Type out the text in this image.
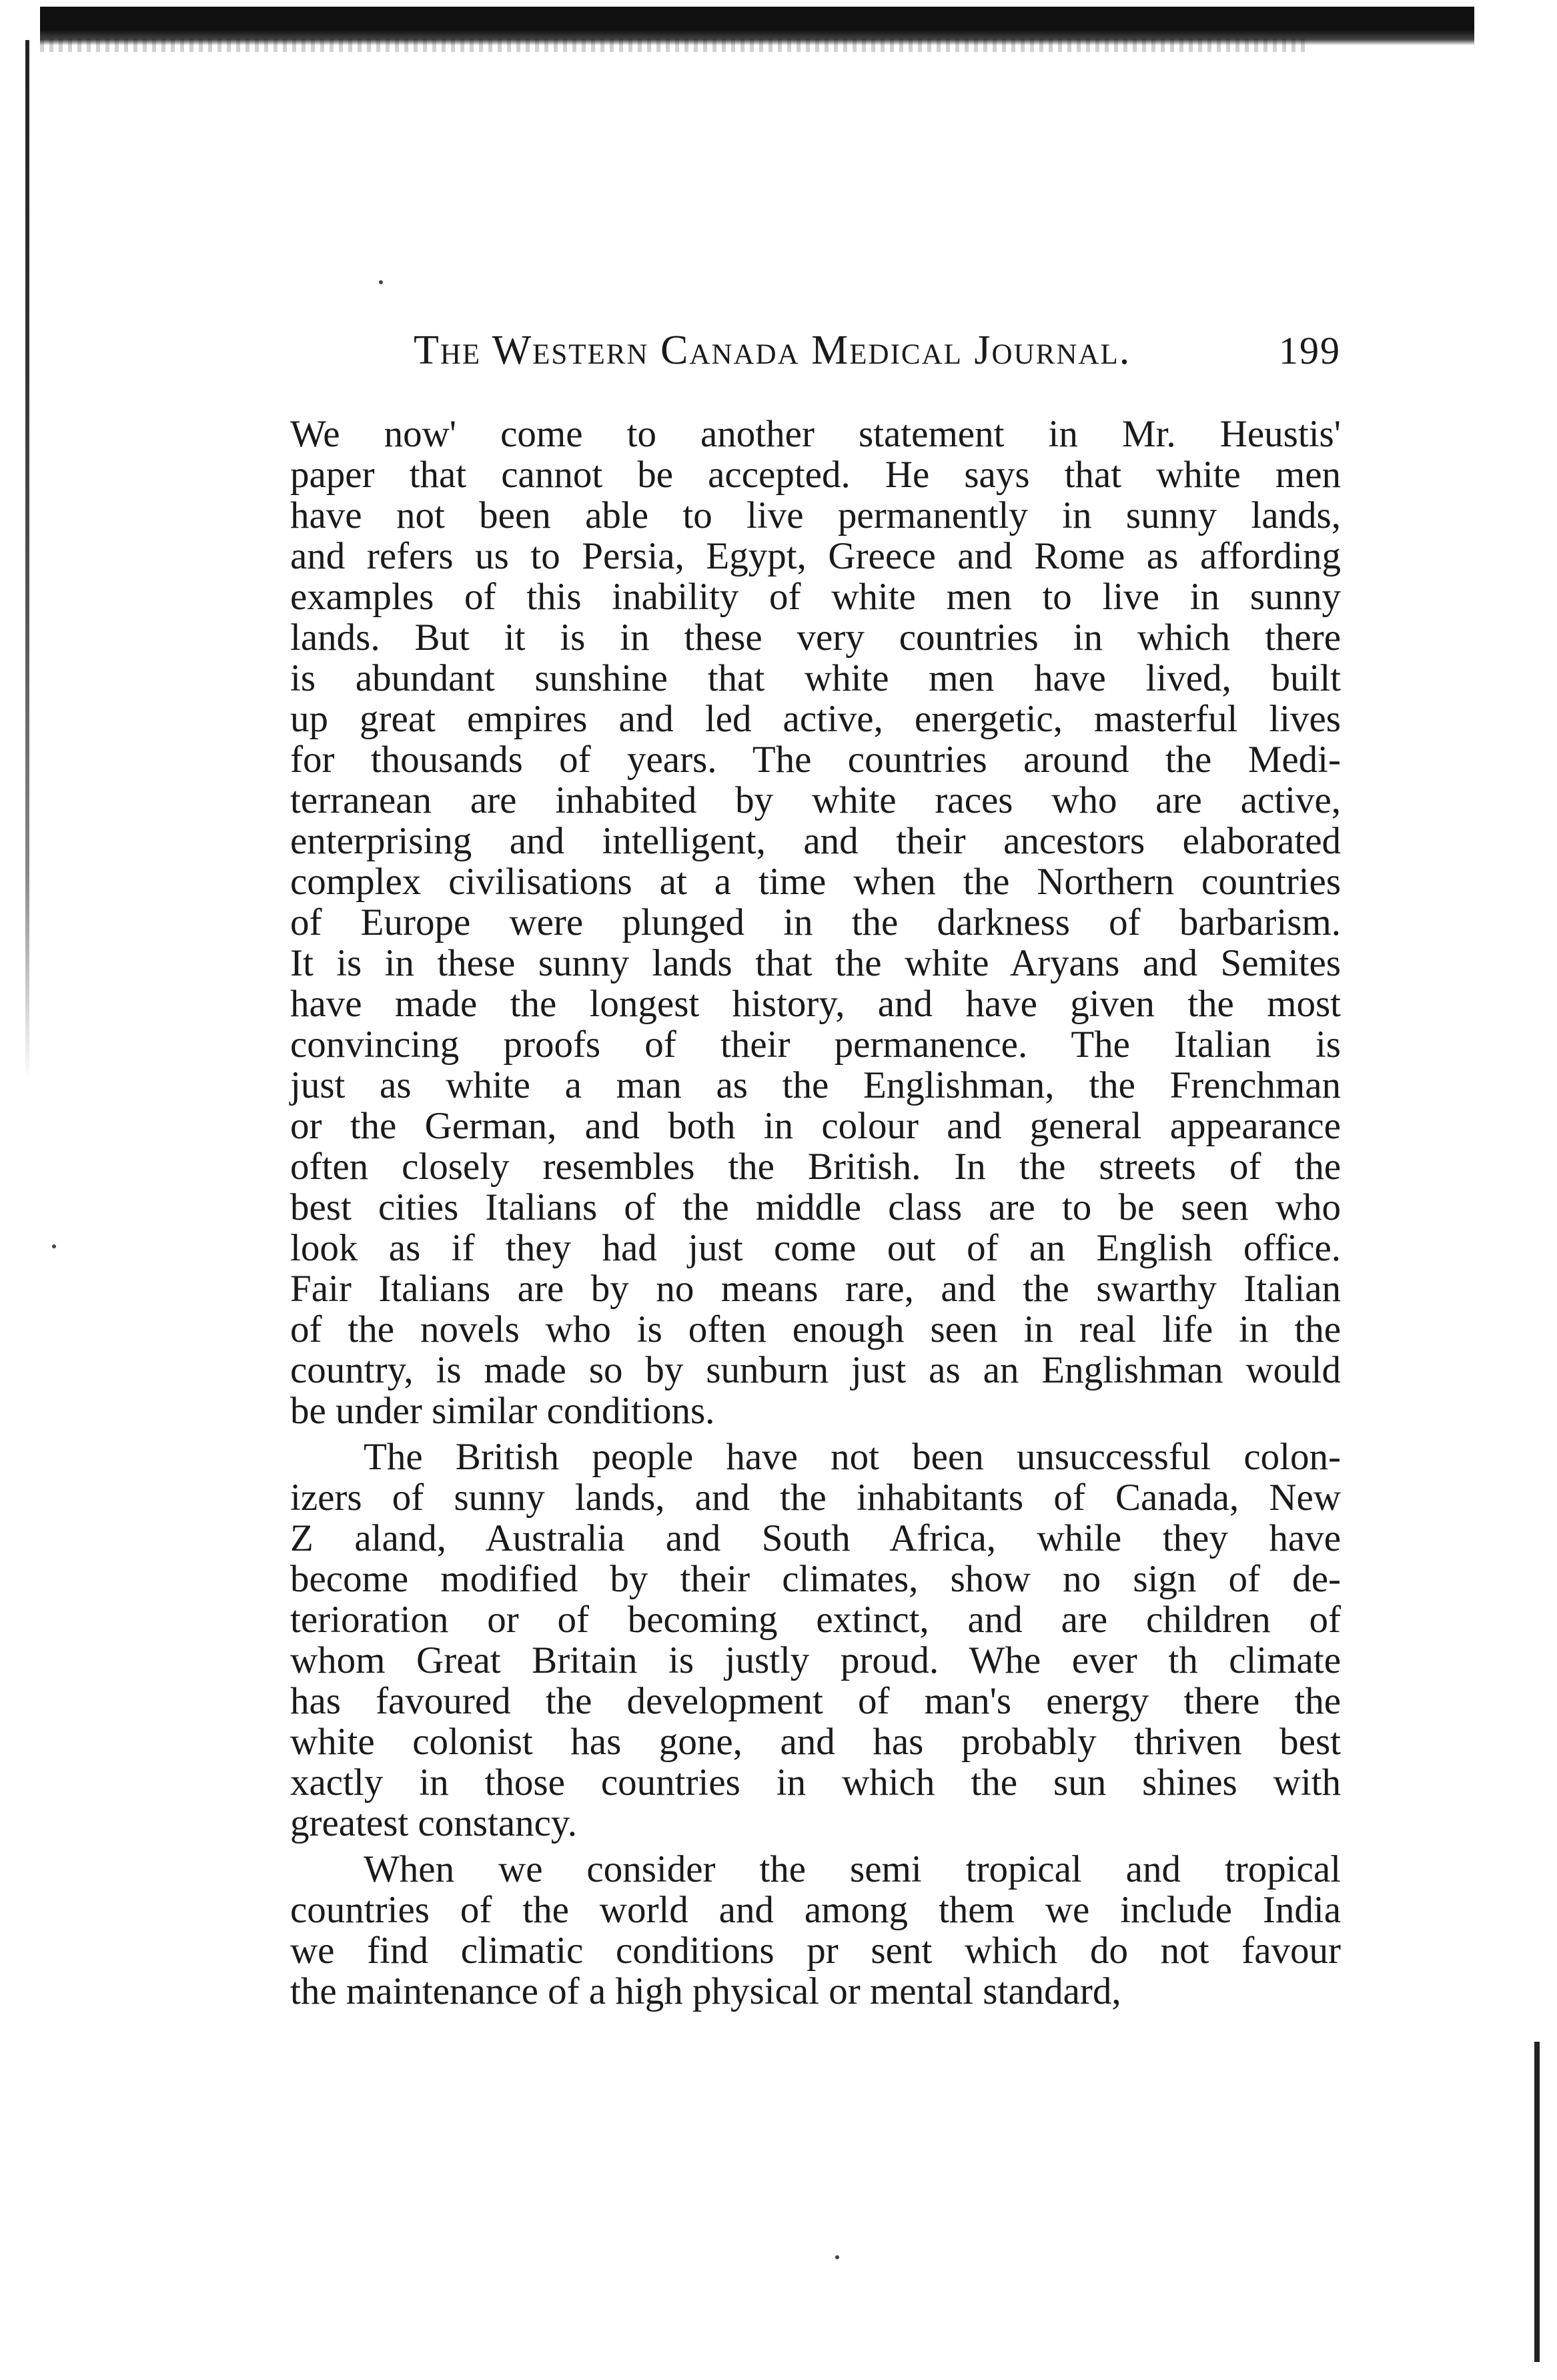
The Western Canada Medical Journal.	199
We now' come to another statement in Mr. Heustis'
paper that cannot be accepted. He says that white men
have not been able to live permanently in sunny lands,
and refers us to Persia, Egypt, Greece and Rome as affording
examples of this inability of white men to live in sunny
lands. But it is in these very countries in which there
is abundant sunshine that white men have lived, built
up great empires and led active, energetic, masterful lives
for thousands of years. The countries around the Medi-
terranean are inhabited by white races who are active,
enterprising and intelligent, and their ancestors elaborated
complex civilisations at a time when the Northern countries
of Europe were plunged in the darkness of barbarism.
It is in these sunny lands that the white Aryans and Semites
have made the longest history, and have given the most
convincing proofs of their permanence. The Italian is
just as white a man as the Englishman, the Frenchman
or the German, and both in colour and general appearance
often closely resembles the British. In the streets of the
best cities Italians of the middle class are to be seen who
look as if they had just come out of an English office.
Fair Italians are by no means rare, and the swarthy Italian
of the novels who is often enough seen in real life in the
country, is made so by sunburn just as an Englishman would
be under similar conditions.
The British people have not been unsuccessful colon-
izers of sunny lands, and the inhabitants of Canada, New
Z aland, Australia and South Africa, while they have
become modified by their climates, show no sign of de-
terioration or of becoming extinct, and are children of
whom Great Britain is justly proud. Whe ever th climate
has favoured the development of man's energy there the
white colonist has gone, and has probably thriven best
xactly in those countries in which the sun shines with
greatest constancy.
When we consider the semi tropical and tropical
countries of the world and among them we include India
we find climatic conditions pr sent which do not favour
the maintenance of a high physical or mental standard,
